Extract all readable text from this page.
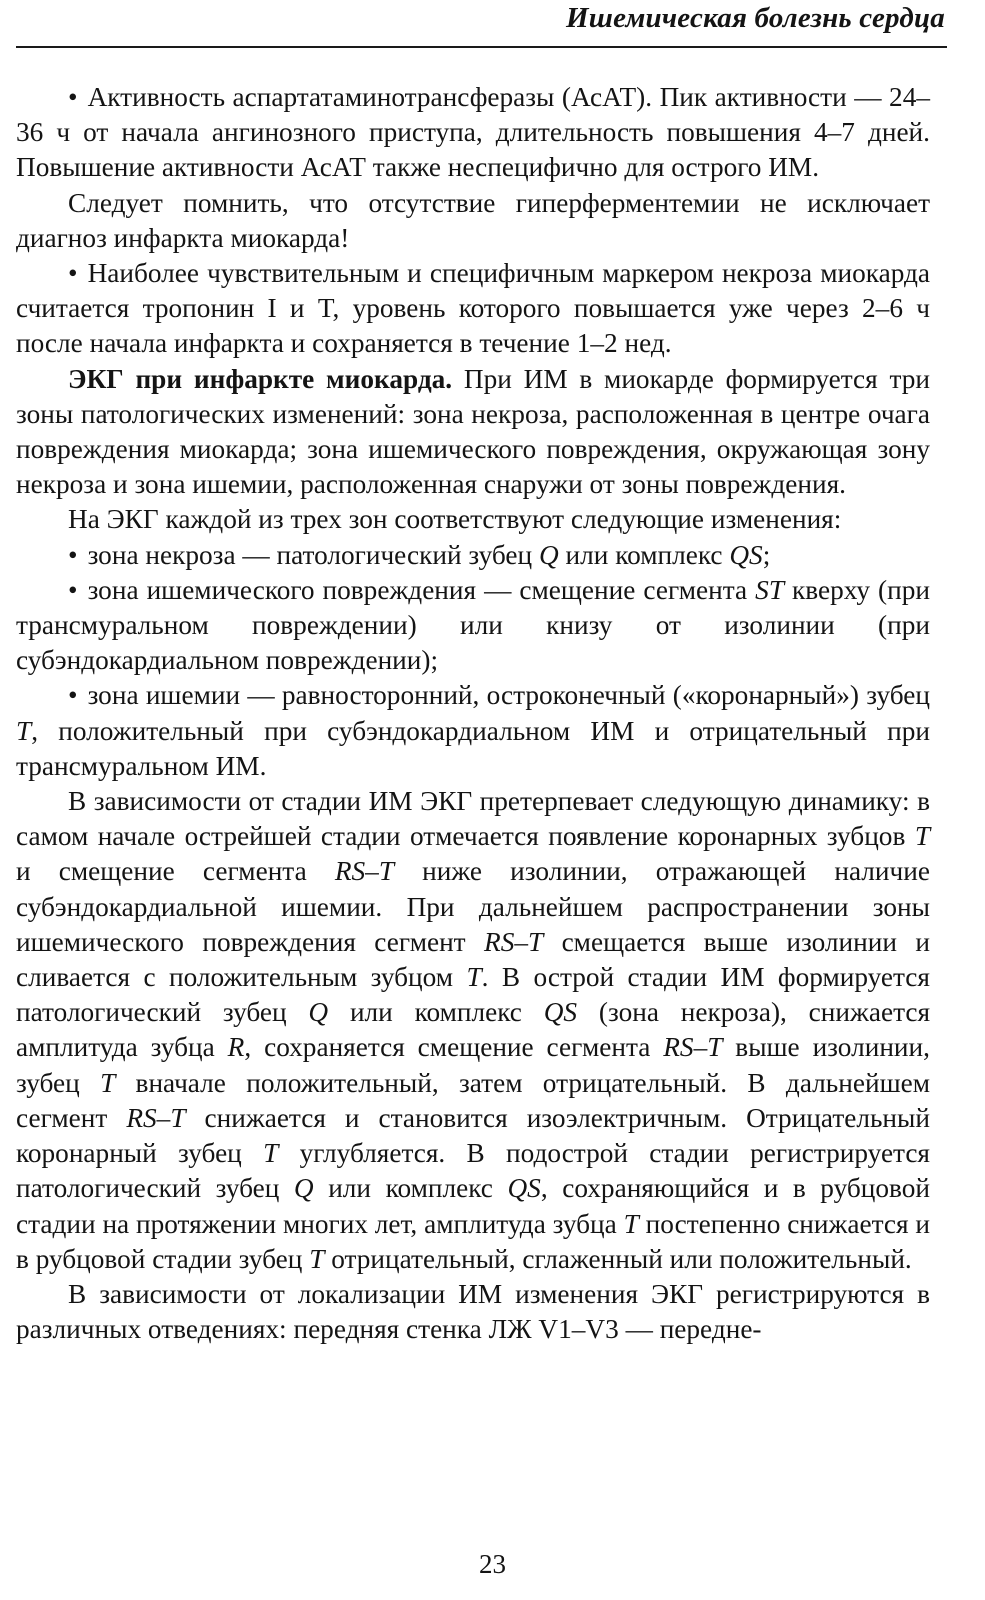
Ишемическая болезнь сердца

• Активность аспартатаминотрансферазы (АсАТ). Пик активности — 24–36 ч от начала ангинозного приступа, длительность повышения 4–7 дней. Повышение активности АсАТ также неспецифично для острого ИМ.

Следует помнить, что отсутствие гиперферментемии не исключает диагноз инфаркта миокарда!

• Наиболее чувствительным и специфичным маркером некроза миокарда считается тропонин I и T, уровень которого повышается уже через 2–6 ч после начала инфаркта и сохраняется в течение 1–2 нед.

ЭКГ при инфаркте миокарда. При ИМ в миокарде формируется три зоны патологических изменений: зона некроза, расположенная в центре очага повреждения миокарда; зона ишемического повреждения, окружающая зону некроза и зона ишемии, расположенная снаружи от зоны повреждения.

На ЭКГ каждой из трех зон соответствуют следующие изменения:

• зона некроза — патологический зубец Q или комплекс QS;

• зона ишемического повреждения — смещение сегмента ST кверху (при трансмуральном повреждении) или книзу от изолинии (при субэндокардиальном повреждении);

• зона ишемии — равносторонний, остроконечный («коронарный») зубец T, положительный при субэндокардиальном ИМ и отрицательный при трансмуральном ИМ.

В зависимости от стадии ИМ ЭКГ претерпевает следующую динамику: в самом начале острейшей стадии отмечается появление коронарных зубцов T и смещение сегмента RS–T ниже изолинии, отражающей наличие субэндокардиальной ишемии. При дальнейшем распространении зоны ишемического повреждения сегмент RS–T смещается выше изолинии и сливается с положительным зубцом T. В острой стадии ИМ формируется патологический зубец Q или комплекс QS (зона некроза), снижается амплитуда зубца R, сохраняется смещение сегмента RS–T выше изолинии, зубец T вначале положительный, затем отрицательный. В дальнейшем сегмент RS–T снижается и становится изоэлектричным. Отрицательный коронарный зубец T углубляется. В подострой стадии регистрируется патологический зубец Q или комплекс QS, сохраняющийся и в рубцовой стадии на протяжении многих лет, амплитуда зубца T постепенно снижается и в рубцовой стадии зубец T отрицательный, сглаженный или положительный.

В зависимости от локализации ИМ изменения ЭКГ регистрируются в различных отведениях: передняя стенка ЛЖ V1–V3 — передне-

23
